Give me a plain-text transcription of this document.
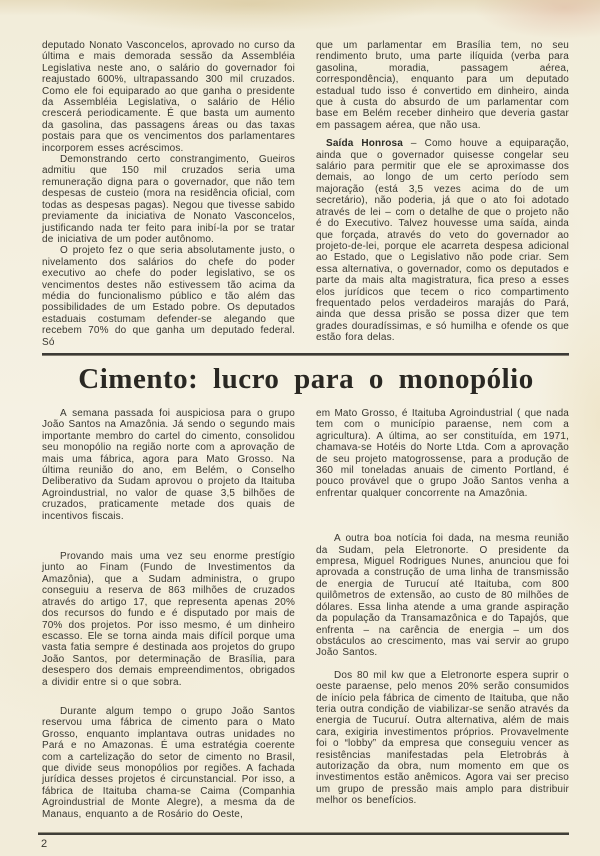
deputado Nonato Vasconcelos, aprovado no curso da última e mais demorada sessão da Assembléia Legislativa neste ano, o salário do governador foi reajustado 600%, ultrapassando 300 mil cruzados. Como ele foi equiparado ao que ganha o presidente da Assembléia Legislativa, o salário de Hélio crescerá periodicamente. É que basta um aumento da gasolina, das passagens áreas ou das taxas postais para que os vencimentos dos parlamentares incorporem esses acréscimos.

Demonstrando certo constrangimento, Gueiros admitiu que 150 mil cruzados seria uma remuneração digna para o governador, que não tem despesas de custeio (mora na residência oficial, com todas as despesas pagas). Negou que tivesse sabido previamente da iniciativa de Nonato Vasconcelos, justificando nada ter feito para inibí-la por se tratar de iniciativa de um poder autônomo.

O projeto fez o que seria absolutamente justo, o nivelamento dos salários do chefe do poder executivo ao chefe do poder legislativo, se os vencimentos destes não estivessem tão acima da média do funcionalismo público e tão além das possibilidades de um Estado pobre. Os deputados estaduais costumam defender-se alegando que recebem 70% do que ganha um deputado federal. Só

que um parlamentar em Brasília tem, no seu rendimento bruto, uma parte ilíquida (verba para gasolina, moradia, passagem aérea, correspondência), enquanto para um deputado estadual tudo isso é convertido em dinheiro, ainda que à custa do absurdo de um parlamentar com base em Belém receber dinheiro que deveria gastar em passagem aérea, que não usa.

Saída Honrosa – Como houve a equiparação, ainda que o governador quisesse congelar seu salário para permitir que ele se aproximasse dos demais, ao longo de um certo período sem majoração (está 3,5 vezes acima do de um secretário), não poderia, já que o ato foi adotado através de lei – com o detalhe de que o projeto não é do Executivo. Talvez houvesse uma saída, ainda que forçada, através do veto do governador ao projeto-de-lei, porque ele acarreta despesa adicional ao Estado, que o Legislativo não pode criar. Sem essa alternativa, o governador, como os deputados e parte da mais alta magistratura, fica preso a esses elos jurídicos que tecem o rico compartimento frequentado pelos verdadeiros marajás do Pará, ainda que dessa prisão se possa dizer que tem grades douradíssimas, e só humilha e ofende os que estão fora delas.

Cimento: lucro para o monopólio

A semana passada foi auspiciosa para o grupo João Santos na Amazônia. Já sendo o segundo mais importante membro do cartel do cimento, consolidou seu monopólio na região norte com a aprovação de mais uma fábrica, agora para Mato Grosso. Na última reunião do ano, em Belém, o Conselho Deliberativo da Sudam aprovou o projeto da Itaituba Agroindustrial, no valor de quase 3,5 bilhões de cruzados, praticamente metade dos quais de incentivos fiscais.

Provando mais uma vez seu enorme prestígio junto ao Finam (Fundo de Investimentos da Amazônia), que a Sudam administra, o grupo conseguiu a reserva de 863 milhões de cruzados através do artigo 17, que representa apenas 20% dos recursos do fundo e é disputado por mais de 70% dos projetos. Por isso mesmo, é um dinheiro escasso. Ele se torna ainda mais difícil porque uma vasta fatia sempre é destinada aos projetos do grupo João Santos, por determinação de Brasília, para desespero dos demais empreendimentos, obrigados a dividir entre si o que sobra.

Durante algum tempo o grupo João Santos reservou uma fábrica de cimento para o Mato Grosso, enquanto implantava outras unidades no Pará e no Amazonas. É uma estratégia coerente com a cartelização do setor de cimento no Brasil, que divide seus monopólios por regiões. A fachada jurídica desses projetos é circunstancial. Por isso, a fábrica de Itaituba chama-se Caima (Companhia Agroindustrial de Monte Alegre), a mesma da de Manaus, enquanto a de Rosário do Oeste,

em Mato Grosso, é Itaituba Agroindustrial ( que nada tem com o município paraense, nem com a agricultura). A última, ao ser constituída, em 1971, chamava-se Hotéis do Norte Ltda. Com a aprovação de seu projeto matogrossense, para a produção de 360 mil toneladas anuais de cimento Portland, é pouco provável que o grupo João Santos venha a enfrentar qualquer concorrente na Amazônia.

A outra boa notícia foi dada, na mesma reunião da Sudam, pela Eletronorte. O presidente da empresa, Miguel Rodrigues Nunes, anunciou que foi aprovada a construção de uma linha de transmissão de energia de Turucuí até Itaituba, com 800 quilômetros de extensão, ao custo de 80 milhões de dólares. Essa linha atende a uma grande aspiração da população da Transamazônica e do Tapajós, que enfrenta – na carência de energia – um dos obstáculos ao crescimento, mas vai servir ao grupo João Santos.

Dos 80 mil kw que a Eletronorte espera suprir o oeste paraense, pelo menos 20% serão consumidos de início pela fábrica de cimento de Itaituba, que não teria outra condição de viabilizar-se senão através da energia de Tucuruí. Outra alternativa, além de mais cara, exigiria investimentos próprios. Provavelmente foi o “lobby” da empresa que conseguiu vencer as resistências manifestadas pela Eletrobrás à autorização da obra, num momento em que os investimentos estão anêmicos. Agora vai ser preciso um grupo de pressão mais amplo para distribuir melhor os benefícios.

2
